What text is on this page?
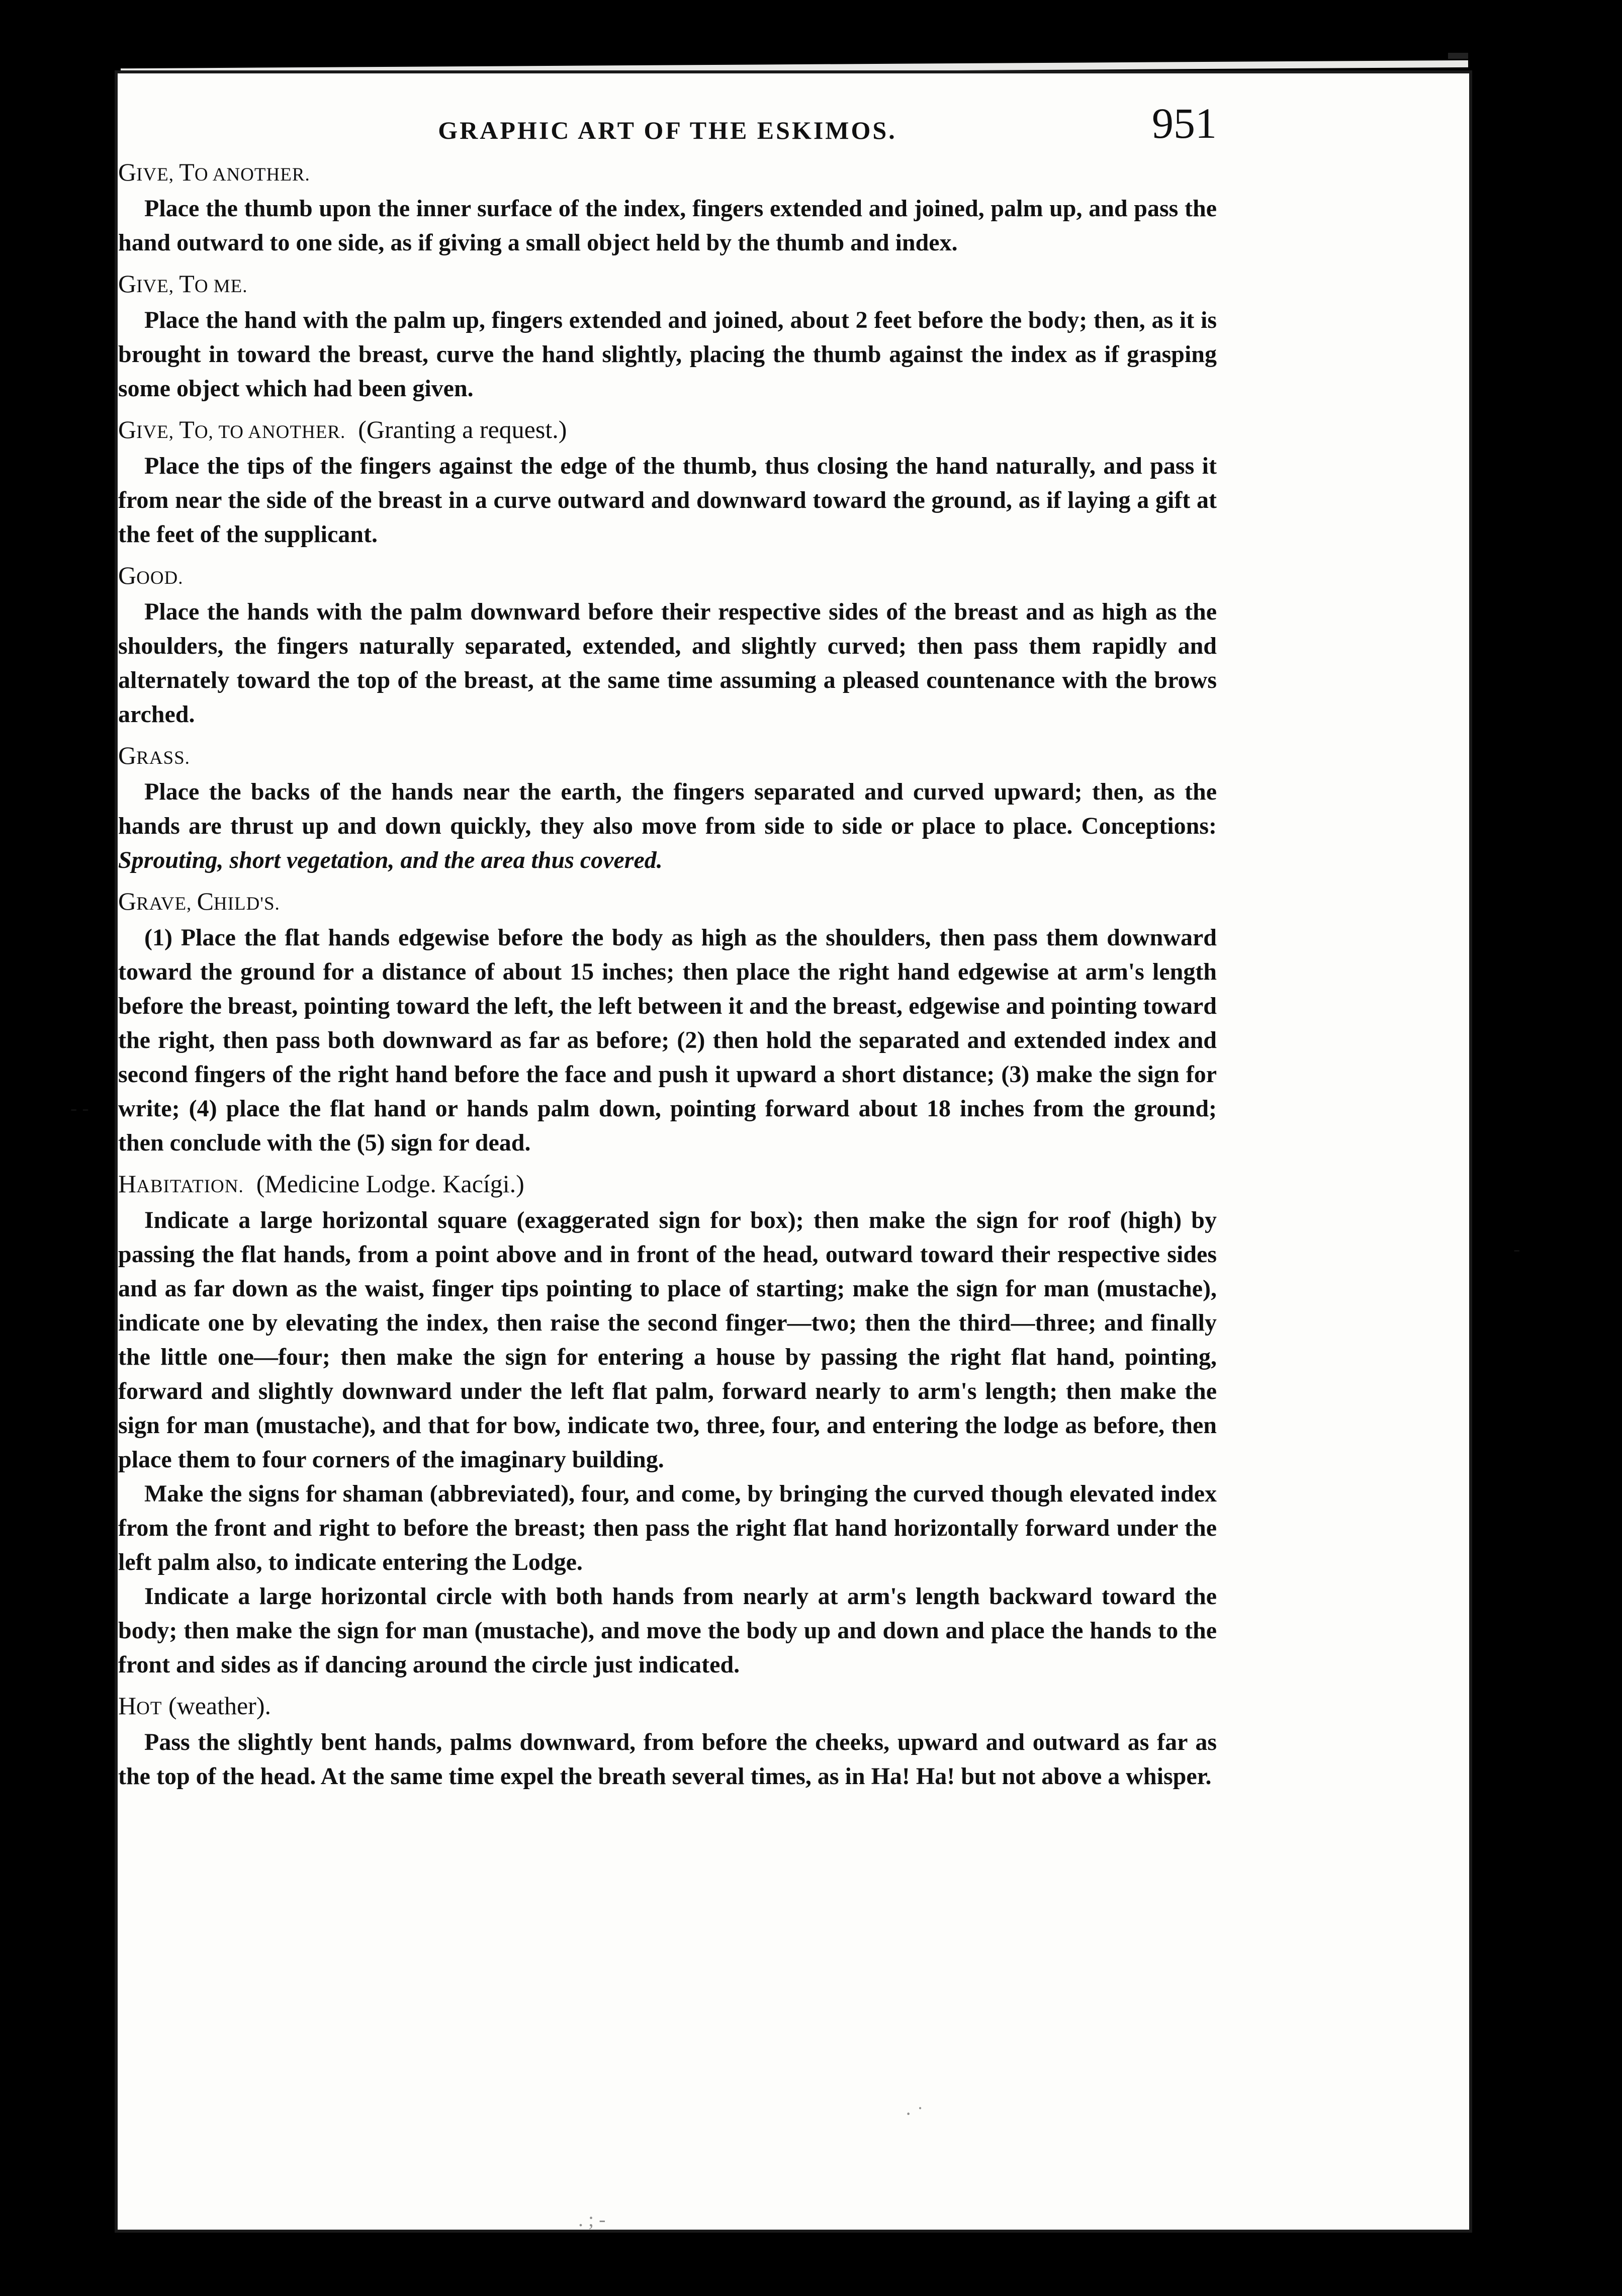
GRAPHIC ART OF THE ESKIMOS.	951
GIVE, TO ANOTHER.

Place the thumb upon the inner surface of the index, fingers extended and joined, palm up, and pass the hand outward to one side, as if giving a small object held by the thumb and index.

GIVE, TO ME.

Place the hand with the palm up, fingers extended and joined, about 2 feet before the body; then, as it is brought in toward the breast, curve the hand slightly, placing the thumb against the index as if grasping some object which had been given.

GIVE, TO, TO ANOTHER. (Granting a request.)

Place the tips of the fingers against the edge of the thumb, thus closing the hand naturally, and pass it from near the side of the breast in a curve outward and downward toward the ground, as if laying a gift at the feet of the supplicant.

GOOD.

Place the hands with the palm downward before their respective sides of the breast and as high as the shoulders, the fingers naturally separated, extended, and slightly curved; then pass them rapidly and alternately toward the top of the breast, at the same time assuming a pleased countenance with the brows arched.

GRASS.

Place the backs of the hands near the earth, the fingers separated and curved upward; then, as the hands are thrust up and down quickly, they also move from side to side or place to place. Conceptions: Sprouting, short vegetation, and the area thus covered.

GRAVE, CHILD'S.

(1) Place the flat hands edgewise before the body as high as the shoulders, then pass them downward toward the ground for a distance of about 15 inches; then place the right hand edgewise at arm's length before the breast, pointing toward the left, the left between it and the breast, edgewise and pointing toward the right, then pass both downward as far as before; (2) then hold the separated and extended index and second fingers of the right hand before the face and push it upward a short distance; (3) make the sign for write; (4) place the flat hand or hands palm down, pointing forward about 18 inches from the ground; then conclude with the (5) sign for dead.

HABITATION. (Medicine Lodge. Kacígi.)

Indicate a large horizontal square (exaggerated sign for box); then make the sign for roof (high) by passing the flat hands, from a point above and in front of the head, outward toward their respective sides and as far down as the waist, finger tips pointing to place of starting; make the sign for man (mustache), indicate one by elevating the index, then raise the second finger—two; then the third—three; and finally the little one—four; then make the sign for entering a house by passing the right flat hand, pointing, forward and slightly downward under the left flat palm, forward nearly to arm's length; then make the sign for man (mustache), and that for bow, indicate two, three, four, and entering the lodge as before, then place them to four corners of the imaginary building.

Make the signs for shaman (abbreviated), four, and come, by bringing the curved though elevated index from the front and right to before the breast; then pass the right flat hand horizontally forward under the left palm also, to indicate entering the Lodge.

Indicate a large horizontal circle with both hands from nearly at arm's length backward toward the body; then make the sign for man (mustache), and move the body up and down and place the hands to the front and sides as if dancing around the circle just indicated.

HOT (weather).

Pass the slightly bent hands, palms downward, from before the cheeks, upward and outward as far as the top of the head. At the same time expel the breath several times, as in Ha! Ha! but not above a whisper.

▬
- -
-
· ˙
. ; -
